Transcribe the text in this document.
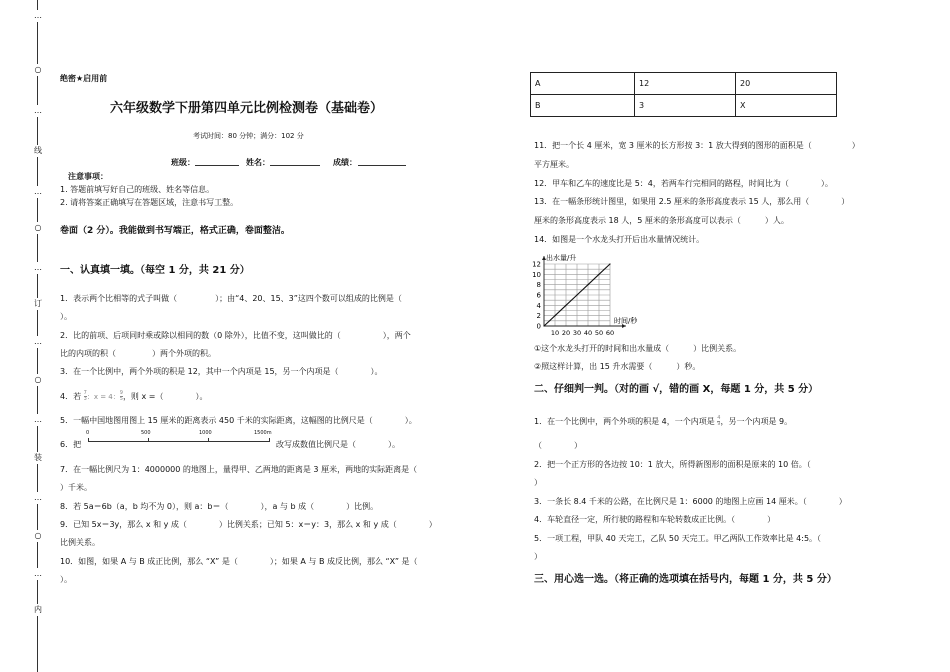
…
○
…
线
…
○
…
订
…
○
…
装
…
○
…
内
绝密★启用前
六年级数学下册第四单元比例检测卷（基础卷）
考试时间：80 分钟；满分：102 分
班级：	姓名：	成绩：
注意事项：
1. 答题前填写好自己的班级、姓名等信息。
2. 请将答案正确填写在答题区域，注意书写工整。
卷面（2 分）。我能做到书写端正，格式正确，卷面整洁。
一、认真填一填。（每空 1 分，共 21 分）
1．表示两个比相等的式子叫做（	）；由“4、20、15、3”这四个数可以组成的比例是（
）。
2．比的前项、后项同时乘或除以相同的数（0 除外），比值不变，这叫做比的（	），两个
比的内项的积（	）两个外项的积。
3．在一个比例中，两个外项的积是 12，其中一个内项是 15，另一个内项是（　　　　）。
4．若 $\frac{7}{3}$ ：x = 4： $\frac{9}{5}$ ，则 x =（　　　　）。
5．一幅中国地图用图上 15 厘米的距离表示 450 千米的实际距离，这幅图的比例尺是（　　　　）。
6．把
0	500	1000	1500m
改写成数值比例尺是（　　　　）。
7．在一幅比例尺为 1：4000000 的地图上，量得甲、乙两地的距离是 3 厘米，两地的实际距离是（
）千米。
8．若 5a＝6b（a，b 均不为 0），则 a：b＝（　　　　），a 与 b 成（　　　　）比例。
9．已知 5x＝3y，那么 x 和 y 成（　　　　）比例关系；已知 5：x＝y：3，那么 x 和 y 成（　　　　）
比例关系。
10．如图，如果 A 与 B 成正比例，那么 “X” 是（　　　　）；如果 A 与 B 成反比例，那么 “X” 是（
）。
A	12	20
B	3	X
11．把一个长 4 厘米，宽 3 厘米的长方形按 3：1 放大得到的图形的面积是（　　　　　）
平方厘米。
12．甲车和乙车的速度比是 5：4，若两车行完相同的路程，时间比为（　　　　）。
13．在一幅条形统计图里，如果用 2.5 厘米的条形高度表示 15 人，那么用（　　　　）
厘米的条形高度表示 18 人，5 厘米的条形高度可以表示（　　　）人。
14．如图是一个水龙头打开后出水量情况统计。
0
2
4
6
8
10
12
10 20 30 40 50 60
出水量/升
时间/秒
①这个水龙头打开的时间和出水量成（　　　）比例关系。
②照这样计算，出 15 升水需要（　　　）秒。
二、仔细判一判。（对的画 √，错的画 X，每题 1 分，共 5 分）
1．在一个比例中，两个外项的积是 4，一个内项是 $\frac{4}{9}$ ，另一个内项是 9。
（　　　　）
2．把一个正方形的各边按 10：1 放大，所得新图形的面积是原来的 10 倍。（
）
3．一条长 8.4 千米的公路，在比例尺是 1：6000 的地图上应画 14 厘米。（　　　　）
4．车轮直径一定，所行驶的路程和车轮转数成正比例。（　　　　）
5．一项工程，甲队 40 天完工，乙队 50 天完工。甲乙两队工作效率比是 4:5。（
）
三、用心选一选。（将正确的选项填在括号内，每题 1 分，共 5 分）
